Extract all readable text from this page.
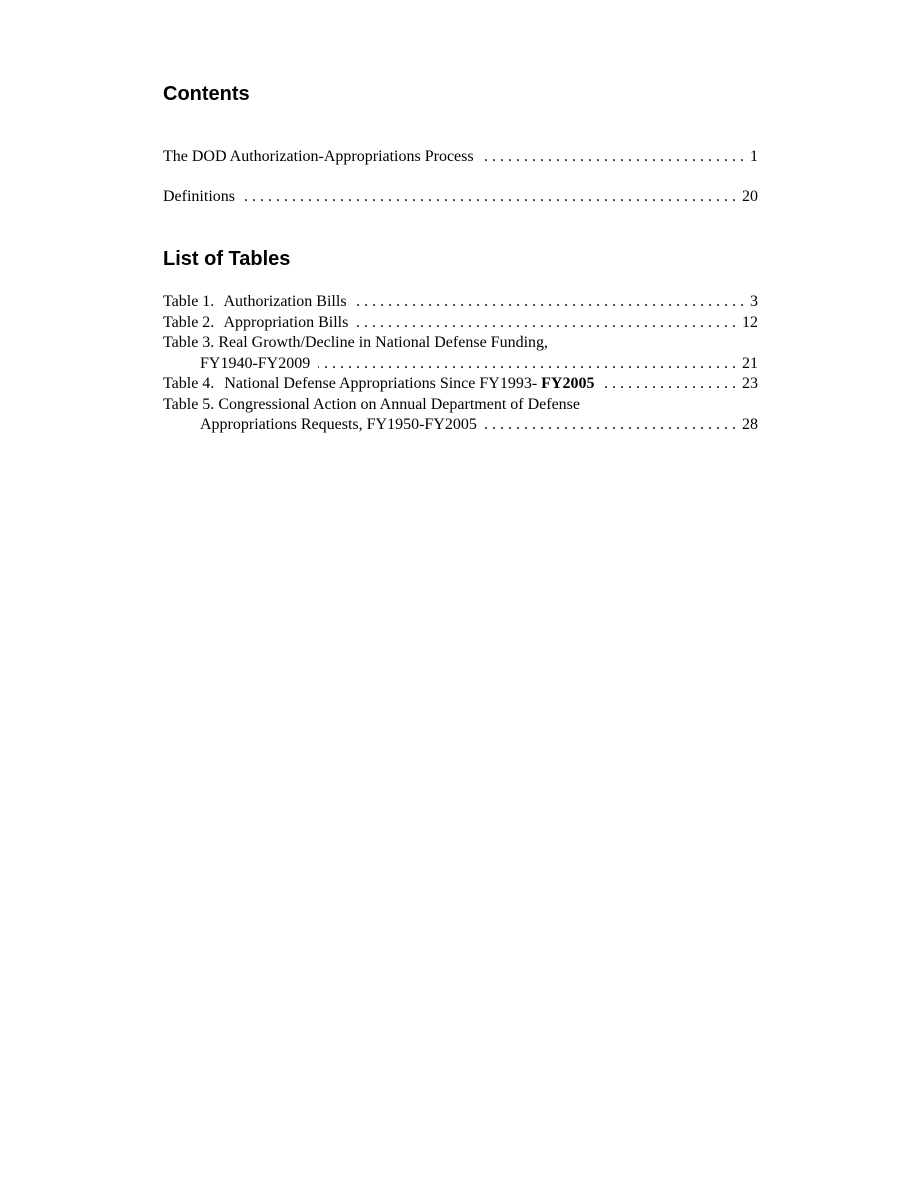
Contents
The DOD Authorization-Appropriations Process . . .	1
Definitions . . .	20
List of Tables
Table 1. Authorization Bills . . .	3
Table 2. Appropriation Bills . . .	12
Table 3. Real Growth/Decline in National Defense Funding,
FY1940-FY2009 . . .	21
Table 4. National Defense Appropriations Since FY1993- FY2005 . . .	23
Table 5. Congressional Action on Annual Department of Defense
Appropriations Requests, FY1950-FY2005 . . .	28
